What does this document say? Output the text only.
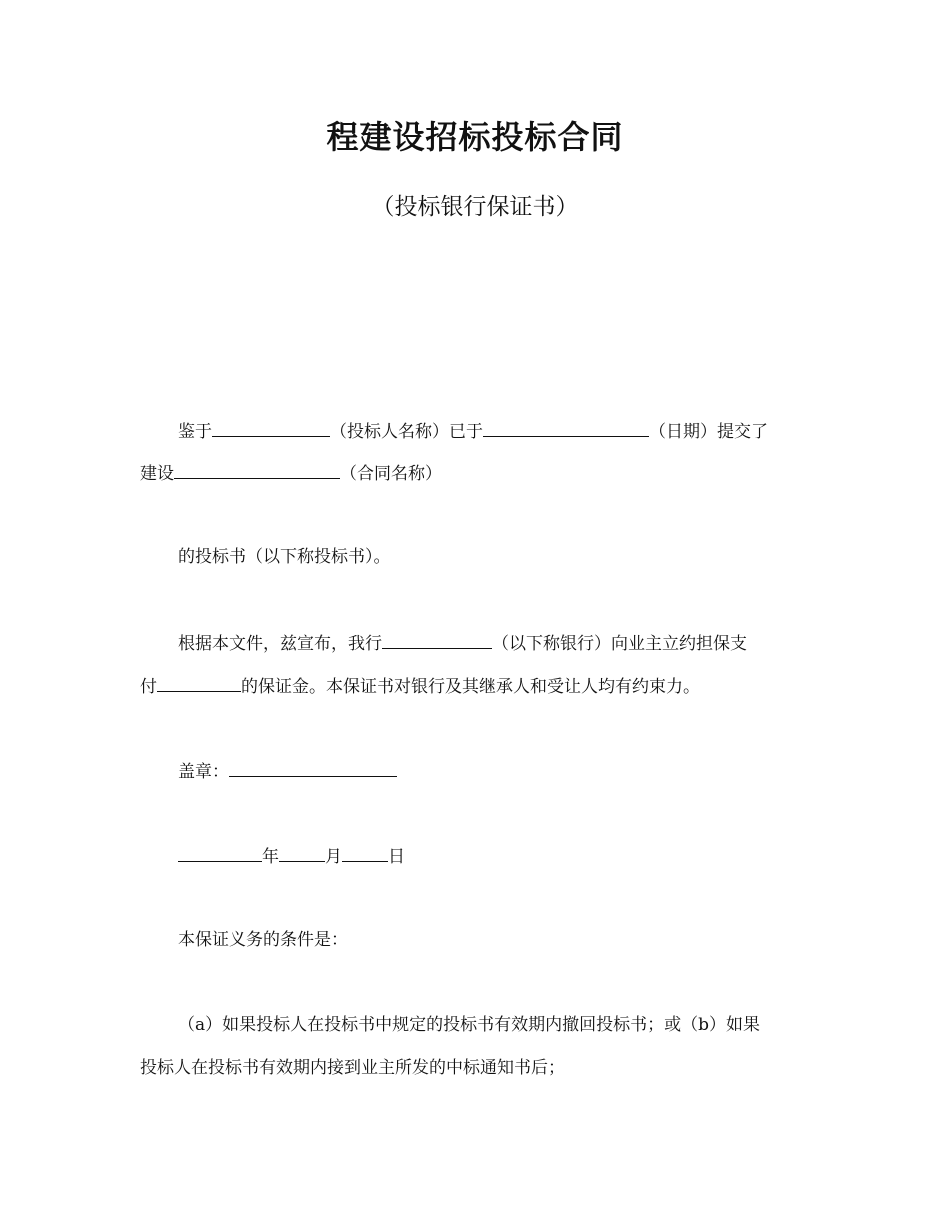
程建设招标投标合同
（投标银行保证书）
鉴于	（投标人名称）已于	（日期）提交了
建设	（合同名称）
的投标书（以下称投标书）。
根据本文件，兹宣布，我行	（以下称银行）向业主立约担保支
付	的保证金。本保证书对银行及其继承人和受让人均有约束力。
盖章：
年	月	日
本保证义务的条件是：
（a）如果投标人在投标书中规定的投标书有效期内撤回投标书；或（b）如果
投标人在投标书有效期内接到业主所发的中标通知书后；
